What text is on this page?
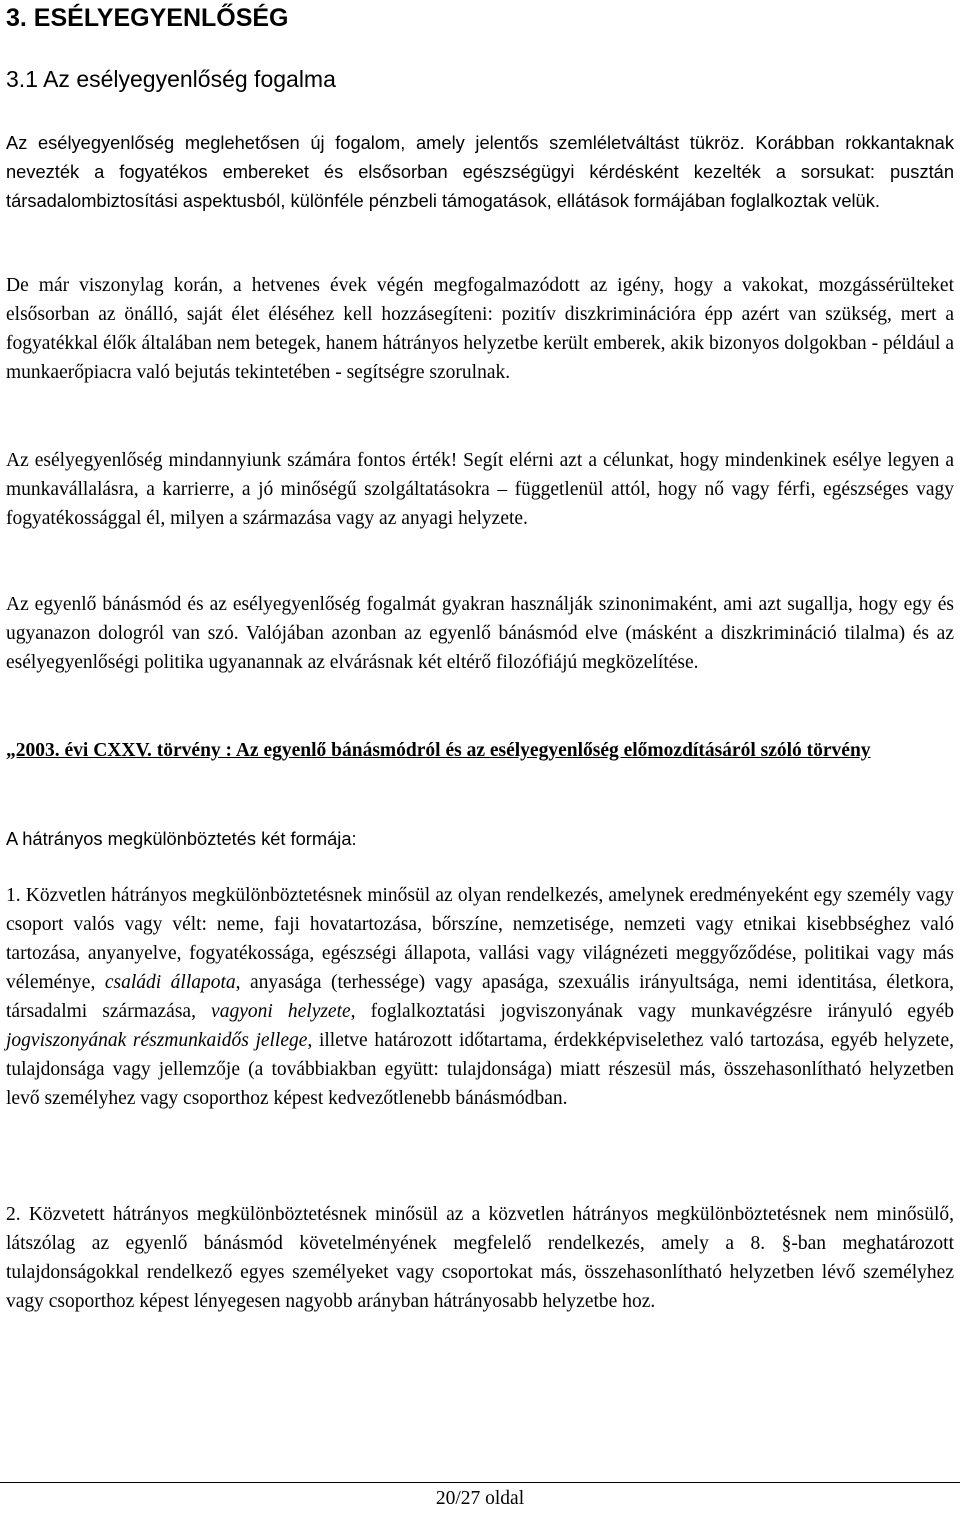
3. ESÉLYEGYENLŐSÉG
3.1 Az esélyegyenlőség fogalma

Az esélyegyenlőség meglehetősen új fogalom, amely jelentős szemléletváltást tükröz. Korábban rokkantaknak nevezték a fogyatékos embereket és elsősorban egészségügyi kérdésként kezelték a sorsukat: pusztán társadalombiztosítási aspektusból, különféle pénzbeli támogatások, ellátások formájában foglalkoztak velük.

De már viszonylag korán, a hetvenes évek végén megfogalmazódott az igény, hogy a vakokat, mozgássérülteket elsősorban az önálló, saját élet éléséhez kell hozzásegíteni: pozitív diszkriminációra épp azért van szükség, mert a fogyatékkal élők általában nem betegek, hanem hátrányos helyzetbe került emberek, akik bizonyos dolgokban - például a munkaerőpiacra való bejutás tekintetében - segítségre szorulnak.

Az esélyegyenlőség mindannyiunk számára fontos érték! Segít elérni azt a célunkat, hogy mindenkinek esélye legyen a munkavállalásra, a karrierre, a jó minőségű szolgáltatásokra – függetlenül attól, hogy nő vagy férfi, egészséges vagy fogyatékossággal él, milyen a származása vagy az anyagi helyzete.

Az egyenlő bánásmód és az esélyegyenlőség fogalmát gyakran használják szinonimaként, ami azt sugallja, hogy egy és ugyanazon dologról van szó. Valójában azonban az egyenlő bánásmód elve (másként a diszkrimináció tilalma) és az esélyegyenlőségi politika ugyanannak az elvárásnak két eltérő filozófiájú megközelítése.

„2003. évi CXXV. törvény : Az egyenlő bánásmódról és az esélyegyenlőség előmozdításáról szóló törvény

A hátrányos megkülönböztetés két formája:

1. Közvetlen hátrányos megkülönböztetésnek minősül az olyan rendelkezés, amelynek eredményeként egy személy vagy csoport valós vagy vélt: neme, faji hovatartozása, bőrszíne, nemzetisége, nemzeti vagy etnikai kisebbséghez való tartozása, anyanyelve, fogyatékossága, egészségi állapota, vallási vagy világnézeti meggyőződése, politikai vagy más véleménye, családi állapota, anyasága (terhessége) vagy apasága, szexuális irányultsága, nemi identitása, életkora, társadalmi származása, vagyoni helyzete, foglalkoztatási jogviszonyának vagy munkavégzésre irányuló egyéb jogviszonyának részmunkaidős jellege, illetve határozott időtartama, érdekképviselethez való tartozása, egyéb helyzete, tulajdonsága vagy jellemzője (a továbbiakban együtt: tulajdonsága) miatt részesül más, összehasonlítható helyzetben levő személyhez vagy csoporthoz képest kedvezőtlenebb bánásmódban.

2. Közvetett hátrányos megkülönböztetésnek minősül az a közvetlen hátrányos megkülönböztetésnek nem minősülő, látszólag az egyenlő bánásmód követelményének megfelelő rendelkezés, amely a 8. §-ban meghatározott tulajdonságokkal rendelkező egyes személyeket vagy csoportokat más, összehasonlítható helyzetben lévő személyhez vagy csoporthoz képest lényegesen nagyobb arányban hátrányosabb helyzetbe hoz.

20/27 oldal
